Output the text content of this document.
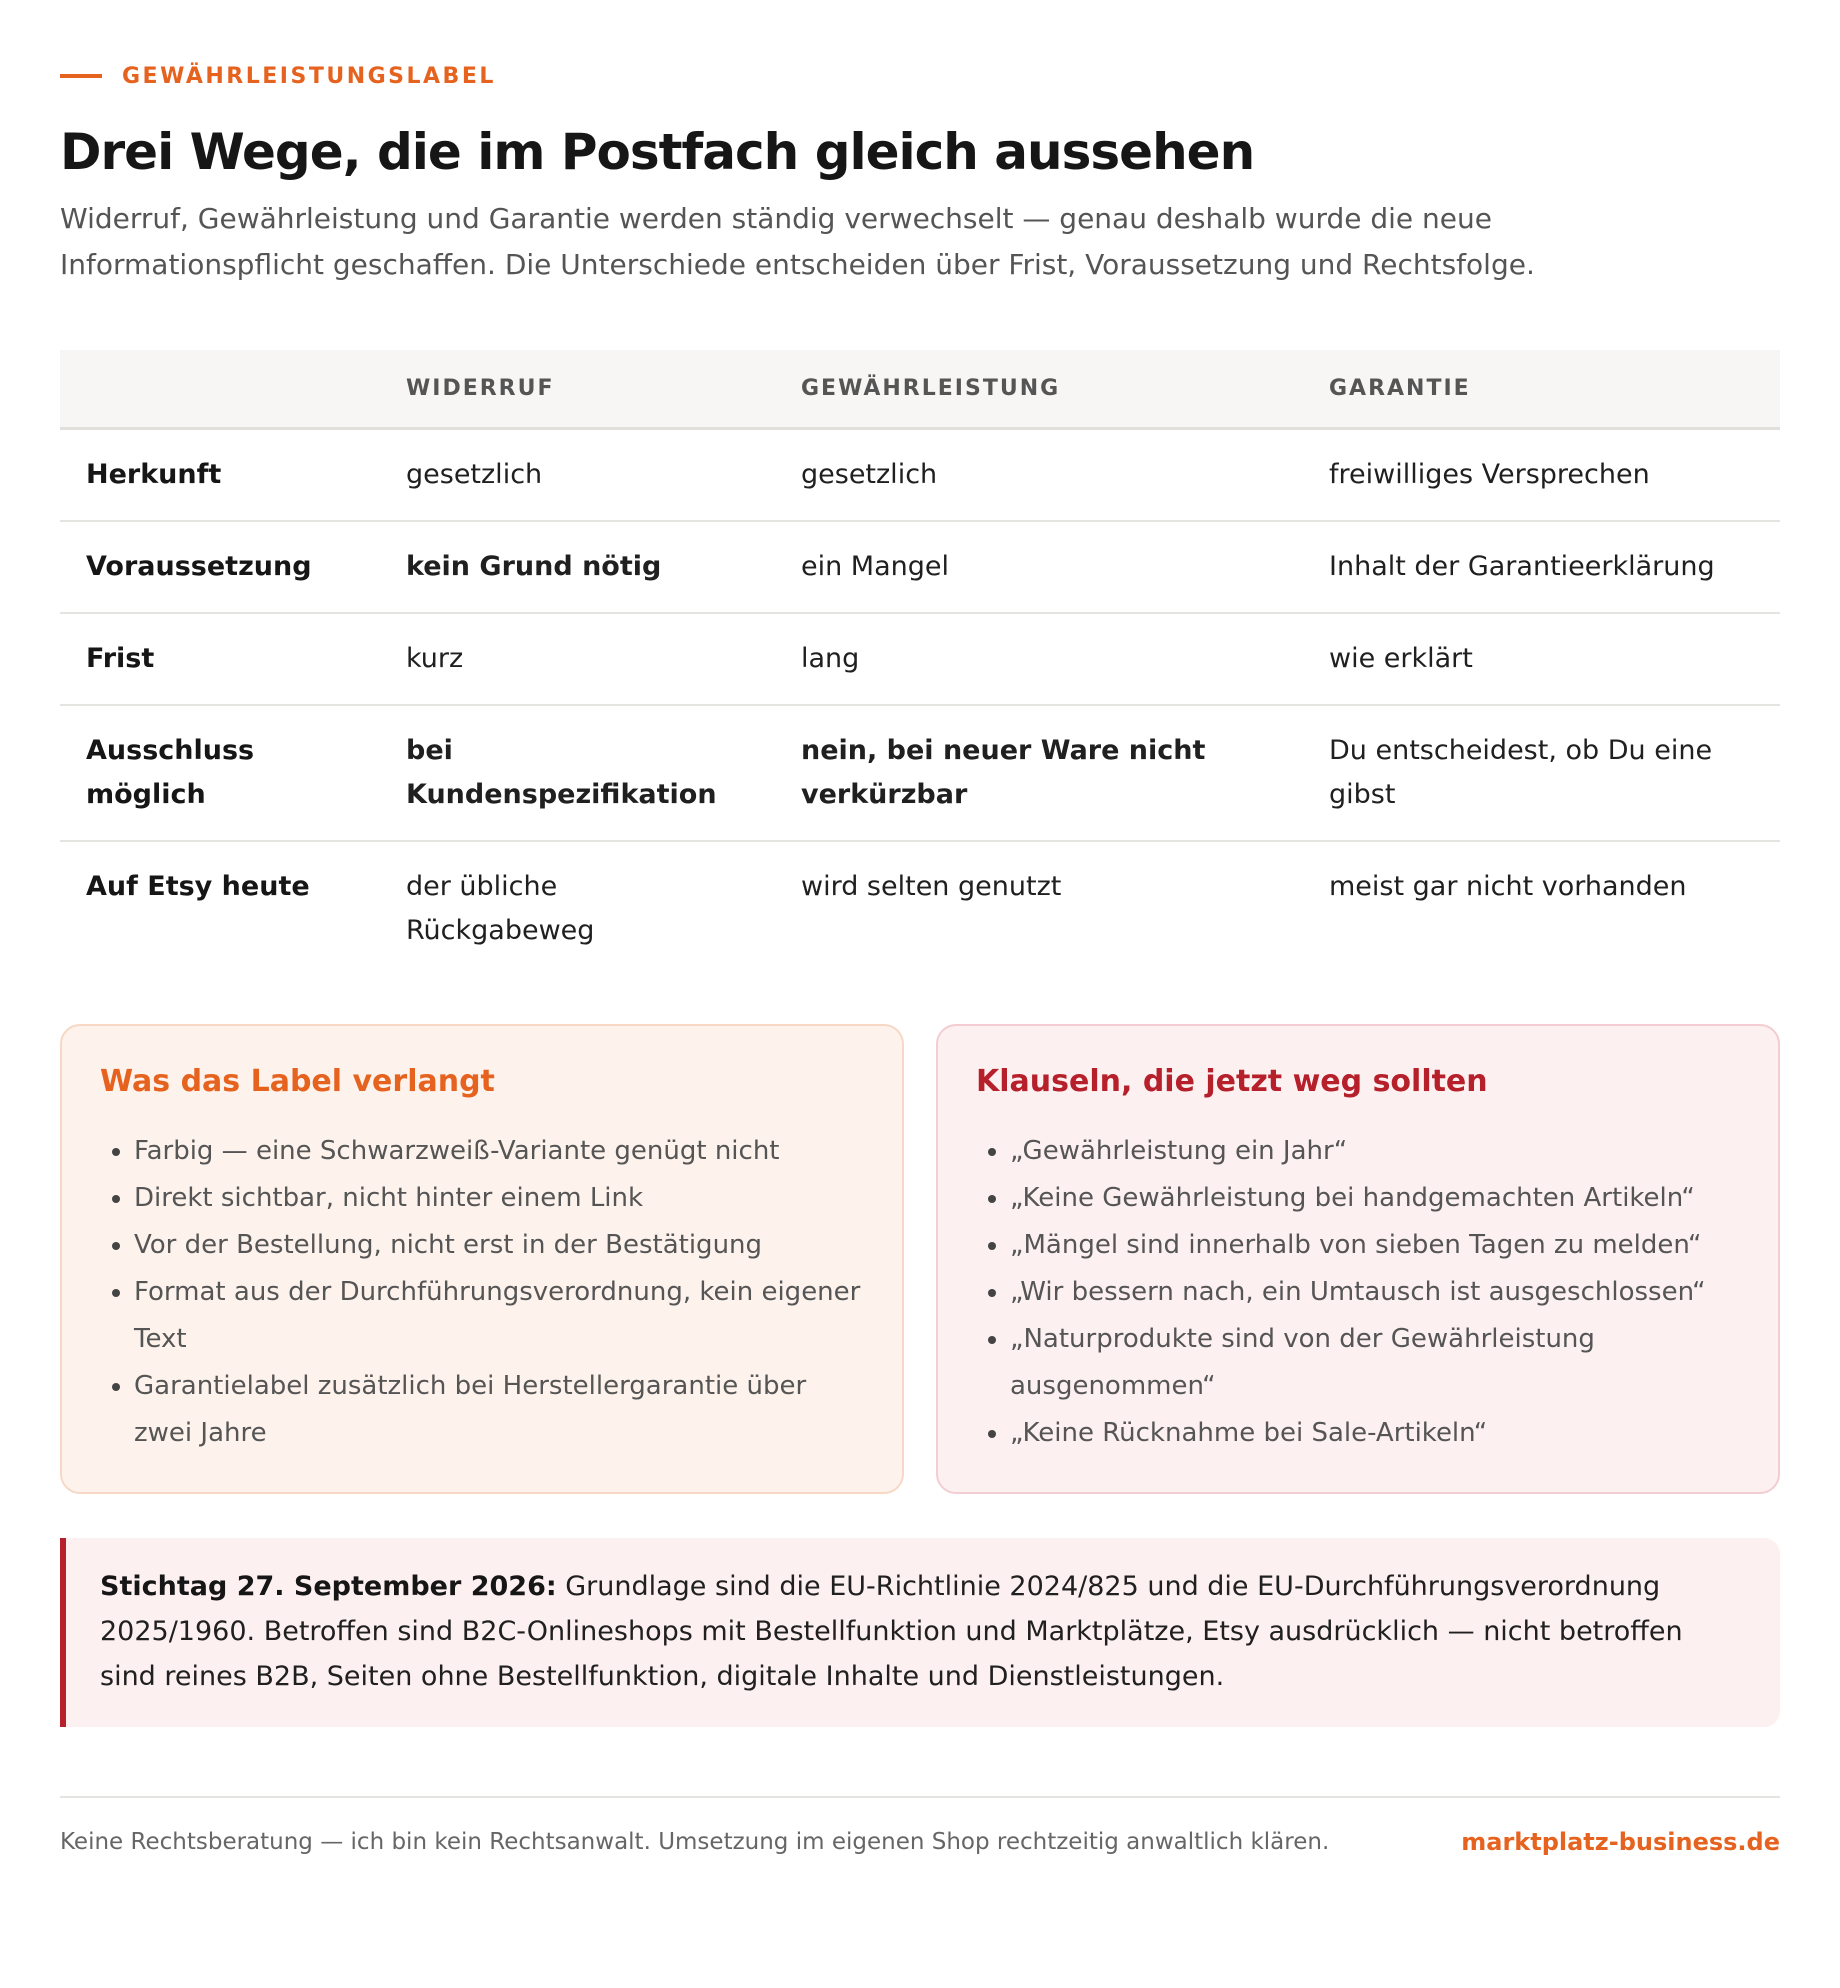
GEWÄHRLEISTUNGSLABEL
Drei Wege, die im Postfach gleich aussehen

Widerruf, Gewährleistung und Garantie werden ständig verwechselt — genau deshalb wurde die neue Informationspflicht geschaffen. Die Unterschiede entscheiden über Frist, Voraussetzung und Rechtsfolge.

	WIDERRUF	GEWÄHRLEISTUNG	GARANTIE
Herkunft	gesetzlich	gesetzlich	freiwilliges Versprechen
Voraussetzung	kein Grund nötig	ein Mangel	Inhalt der Garantieerklärung
Frist	kurz	lang	wie erklärt
Ausschluss möglich	bei Kundenspezifikation	nein, bei neuer Ware nicht verkürzbar	Du entscheidest, ob Du eine gibst
Auf Etsy heute	der übliche Rückgabeweg	wird selten genutzt	meist gar nicht vorhanden
Was das Label verlangt
• Farbig — eine Schwarzweiß-Variante genügt nicht
• Direkt sichtbar, nicht hinter einem Link
• Vor der Bestellung, nicht erst in der Bestätigung
• Format aus der Durchführungsverordnung, kein eigener Text
• Garantielabel zusätzlich bei Herstellergarantie über zwei Jahre
Klauseln, die jetzt weg sollten
• „Gewährleistung ein Jahr“
• „Keine Gewährleistung bei handgemachten Artikeln“
• „Mängel sind innerhalb von sieben Tagen zu melden“
• „Wir bessern nach, ein Umtausch ist ausgeschlossen“
• „Naturprodukte sind von der Gewährleistung ausgenommen“
• „Keine Rücknahme bei Sale-Artikeln“
Stichtag 27. September 2026: Grundlage sind die EU-Richtlinie 2024/825 und die EU-Durchführungsverordnung 2025/1960. Betroffen sind B2C-Onlineshops mit Bestellfunktion und Marktplätze, Etsy ausdrücklich — nicht betroffen sind reines B2B, Seiten ohne Bestellfunktion, digitale Inhalte und Dienstleistungen.
Keine Rechtsberatung — ich bin kein Rechtsanwalt. Umsetzung im eigenen Shop rechtzeitig anwaltlich klären.	marktplatz-business.de
